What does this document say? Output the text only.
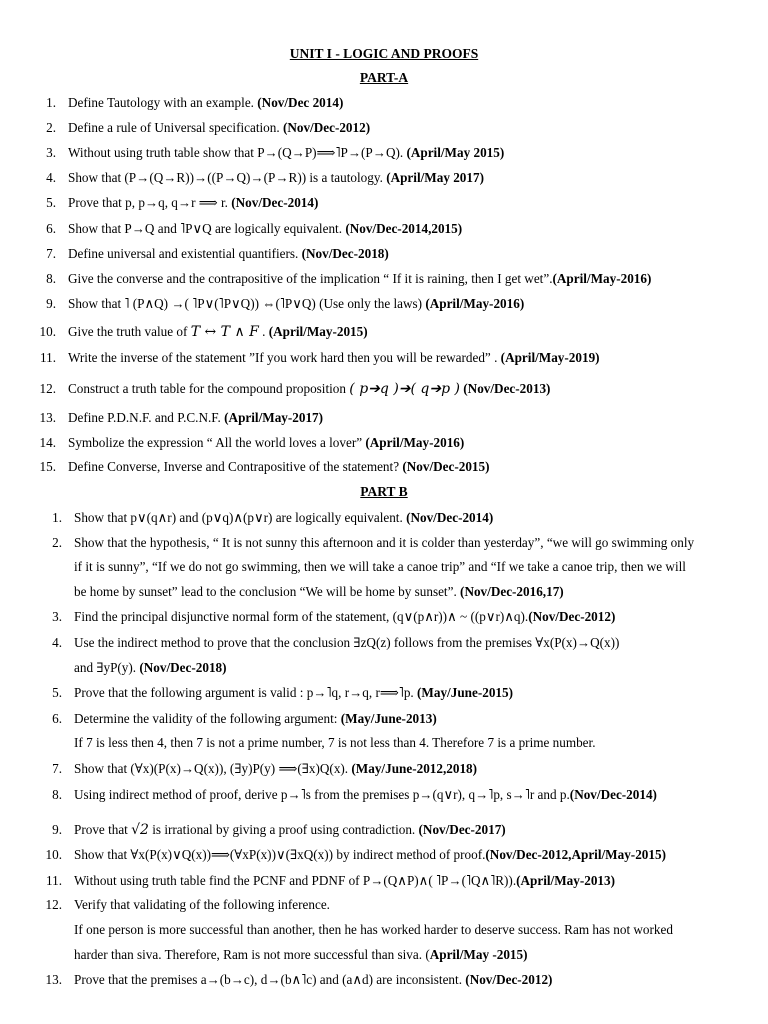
UNIT I - LOGIC AND PROOFS
PART-A
1. Define Tautology with an example. (Nov/Dec 2014)
2. Define a rule of Universal specification. (Nov/Dec-2012)
3. Without using truth table show that P→(Q→P)⟹˥P→(P→Q). (April/May 2015)
4. Show that (P→(Q→R))→((P→Q)→(P→R)) is a tautology. (April/May 2017)
5. Prove that p, p→q, q→r ⟹ r. (Nov/Dec-2014)
6. Show that P→Q and ˥P∨Q are logically equivalent. (Nov/Dec-2014,2015)
7. Define universal and existential quantifiers. (Nov/Dec-2018)
8. Give the converse and the contrapositive of the implication “ If it is raining, then I get wet”.(April/May-2016)
9. Show that ˥ (P∧Q) →( ˥P∨(˥P∨Q)) ⇔(˥P∨Q) (Use only the laws) (April/May-2016)
10. Give the truth value of T ↔ T ∧ F . (April/May-2015)
11. Write the inverse of the statement ”If you work hard then you will be rewarded” . (April/May-2019)
12. Construct a truth table for the compound proposition ( p➔q )➔( q➔p ) (Nov/Dec-2013)
13. Define P.D.N.F. and P.C.N.F. (April/May-2017)
14. Symbolize the expression “ All the world loves a lover” (April/May-2016)
15. Define Converse, Inverse and Contrapositive of the statement? (Nov/Dec-2015)
PART B
1. Show that p∨(q∧r) and (p∨q)∧(p∨r) are logically equivalent. (Nov/Dec-2014)
2. Show that the hypothesis, “ It is not sunny this afternoon and it is colder than yesterday”, “we will go swimming only
if it is sunny”, “If we do not go swimming, then we will take a canoe trip” and “If we take a canoe trip, then we will
be home by sunset” lead to the conclusion “We will be home by sunset”. (Nov/Dec-2016,17)
3. Find the principal disjunctive normal form of the statement, (q∨(p∧r))∧ ~ ((p∨r)∧q).(Nov/Dec-2012)
4. Use the indirect method to prove that the conclusion ∃zQ(z) follows from the premises ∀x(P(x)→Q(x))
and ∃yP(y). (Nov/Dec-2018)
5. Prove that the following argument is valid : p→˥q, r→q, r⟹˥p. (May/June-2015)
6. Determine the validity of the following argument: (May/June-2013)
If 7 is less then 4, then 7 is not a prime number, 7 is not less than 4. Therefore 7 is a prime number.
7. Show that (∀x)(P(x)→Q(x)), (∃y)P(y) ⟹(∃x)Q(x). (May/June-2012,2018)
8. Using indirect method of proof, derive p→˥s from the premises p→(q∨r), q→˥p, s→˥r and p.(Nov/Dec-2014)
9. Prove that √2 is irrational by giving a proof using contradiction. (Nov/Dec-2017)
10. Show that ∀x(P(x)∨Q(x))⟹(∀xP(x))∨(∃xQ(x)) by indirect method of proof.(Nov/Dec-2012,April/May-2015)
11. Without using truth table find the PCNF and PDNF of P→(Q∧P)∧( ˥P→(˥Q∧˥R)).(April/May-2013)
12. Verify that validating of the following inference.
If one person is more successful than another, then he has worked harder to deserve success. Ram has not worked
harder than siva. Therefore, Ram is not more successful than siva. (April/May -2015)
13. Prove that the premises a→(b→c), d→(b∧˥c) and (a∧d) are inconsistent. (Nov/Dec-2012)
